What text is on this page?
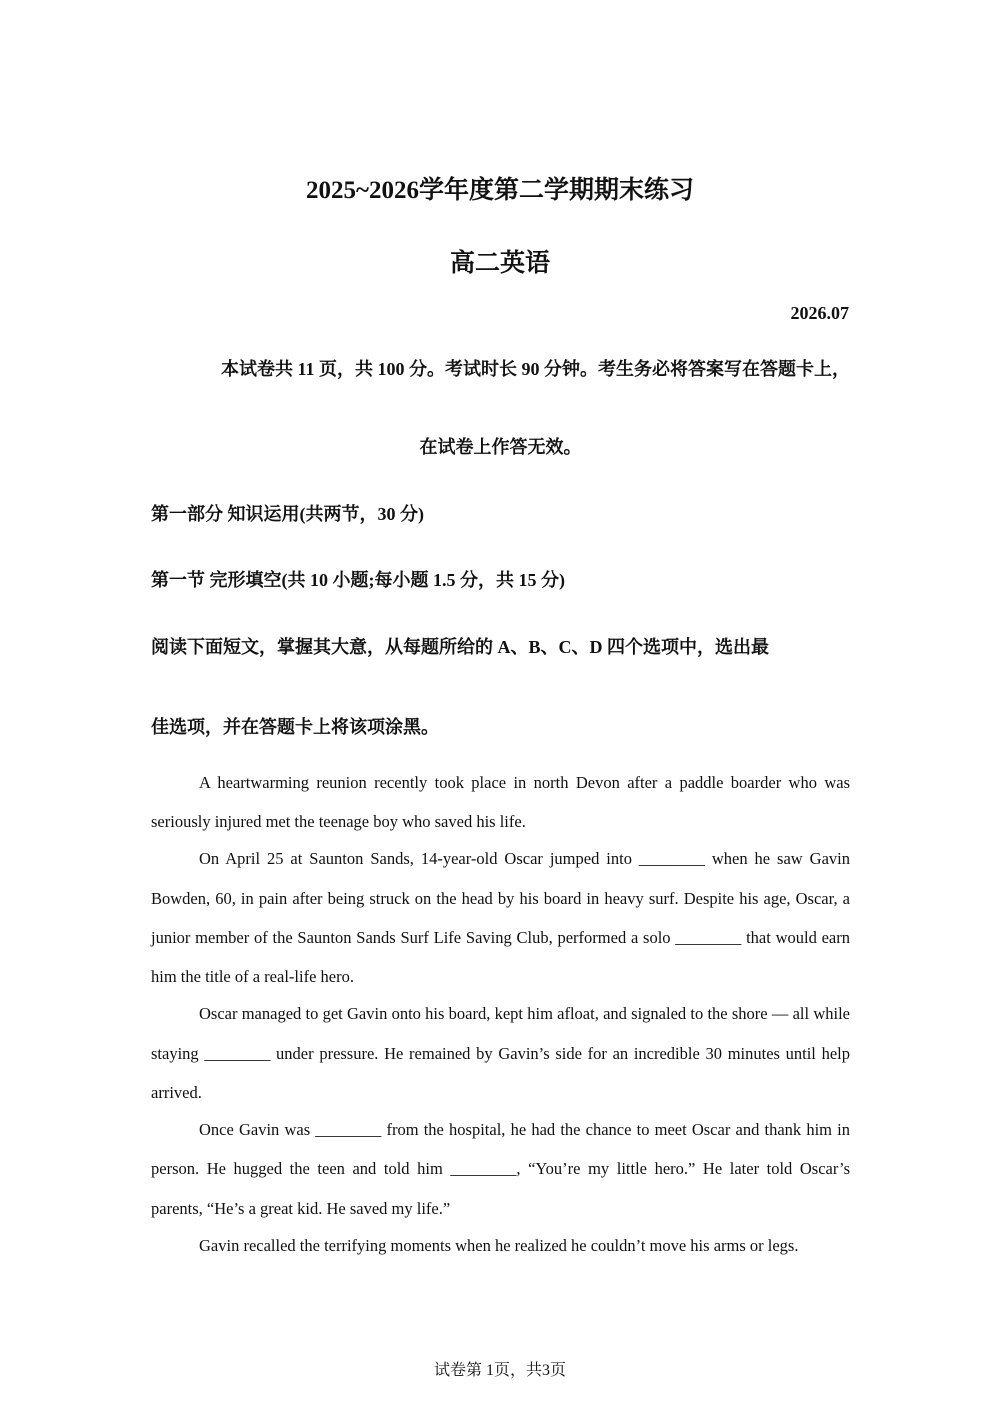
2025~2026学年度第二学期期末练习
高二英语
2026.07
本试卷共 11 页，共 100 分。考试时长 90 分钟。考生务必将答案写在答题卡上，
在试卷上作答无效。
第一部分 知识运用(共两节，30 分)
第一节 完形填空(共 10 小题;每小题 1.5 分，共 15 分)
阅读下面短文，掌握其大意，从每题所给的 A、B、C、D 四个选项中，选出最
佳选项，并在答题卡上将该项涂黑。

A heartwarming reunion recently took place in north Devon after a paddle boarder who was seriously injured met the teenage boy who saved his life.

On April 25 at Saunton Sands, 14-year-old Oscar jumped into ________ when he saw Gavin Bowden, 60, in pain after being struck on the head by his board in heavy surf. Despite his age, Oscar, a junior member of the Saunton Sands Surf Life Saving Club, performed a solo ________ that would earn him the title of a real-life hero.

Oscar managed to get Gavin onto his board, kept him afloat, and signaled to the shore — all while staying ________ under pressure. He remained by Gavin’s side for an incredible 30 minutes until help arrived.

Once Gavin was ________ from the hospital, he had the chance to meet Oscar and thank him in person. He hugged the teen and told him ________, “You’re my little hero.” He later told Oscar’s parents, “He’s a great kid. He saved my life.”

Gavin recalled the terrifying moments when he realized he couldn’t move his arms or legs.

试卷第 1页，共3页
